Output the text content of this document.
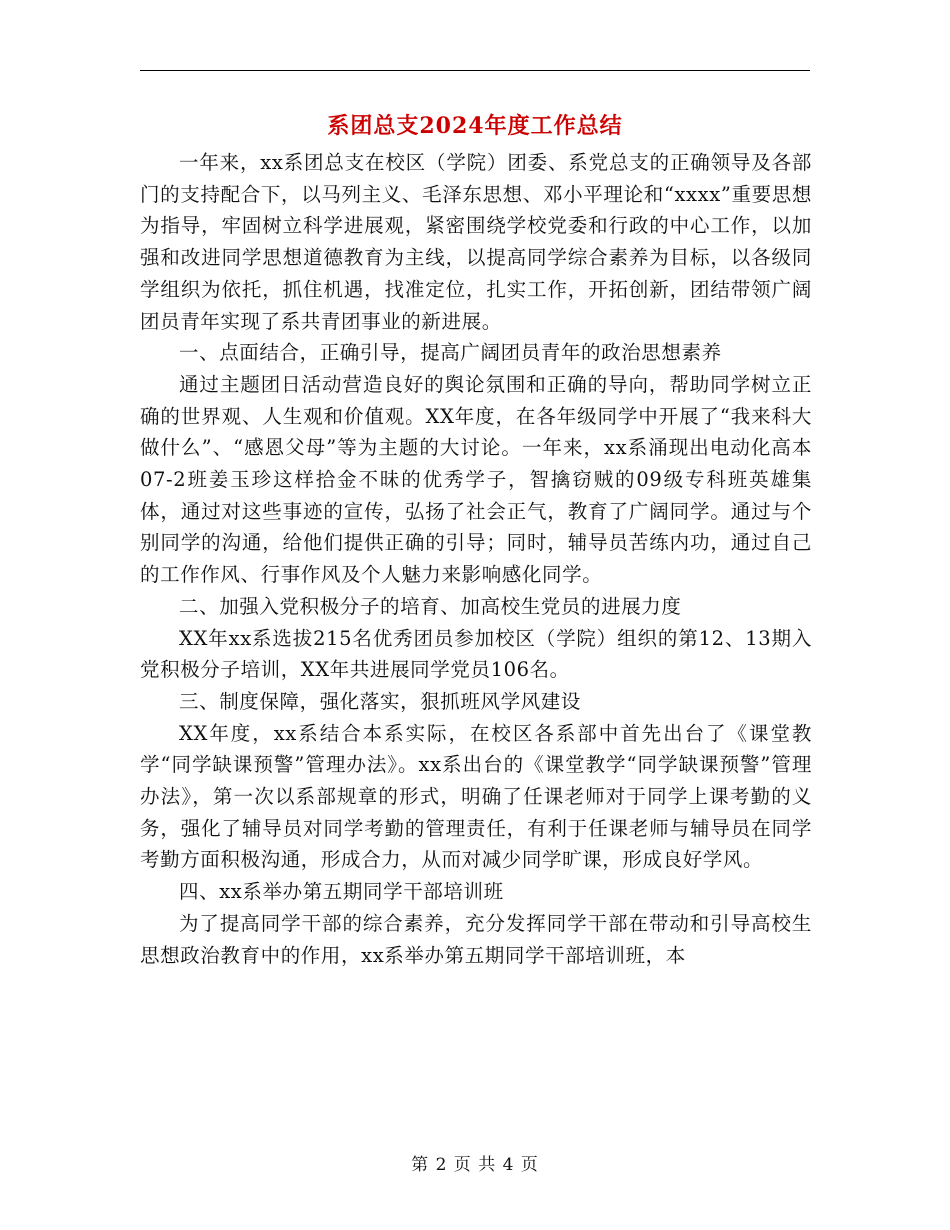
系团总支2024年度工作总结

一年来，xx系团总支在校区（学院）团委、系党总支的正确领导及各部门的支持配合下，以马列主义、毛泽东思想、邓小平理论和“xxxx”重要思想为指导，牢固树立科学进展观，紧密围绕学校党委和行政的中心工作，以加强和改进同学思想道德教育为主线，以提高同学综合素养为目标，以各级同学组织为依托，抓住机遇，找准定位，扎实工作，开拓创新，团结带领广阔团员青年实现了系共青团事业的新进展。

一、点面结合，正确引导，提高广阔团员青年的政治思想素养

通过主题团日活动营造良好的舆论氛围和正确的导向，帮助同学树立正确的世界观、人生观和价值观。XX年度，在各年级同学中开展了“我来科大做什么”、“感恩父母”等为主题的大讨论。一年来，xx系涌现出电动化高本07-2班姜玉珍这样拾金不昧的优秀学子，智擒窃贼的09级专科班英雄集体，通过对这些事迹的宣传，弘扬了社会正气，教育了广阔同学。通过与个别同学的沟通，给他们提供正确的引导；同时，辅导员苦练内功，通过自己的工作作风、行事作风及个人魅力来影响感化同学。

二、加强入党积极分子的培育、加高校生党员的进展力度

XX年xx系选拔215名优秀团员参加校区（学院）组织的第12、13期入党积极分子培训，XX年共进展同学党员106名。

三、制度保障，强化落实，狠抓班风学风建设

XX年度，xx系结合本系实际，在校区各系部中首先出台了《课堂教学“同学缺课预警”管理办法》。xx系出台的《课堂教学“同学缺课预警”管理办法》，第一次以系部规章的形式，明确了任课老师对于同学上课考勤的义务，强化了辅导员对同学考勤的管理责任，有利于任课老师与辅导员在同学考勤方面积极沟通，形成合力，从而对减少同学旷课，形成良好学风。

四、xx系举办第五期同学干部培训班

为了提高同学干部的综合素养，充分发挥同学干部在带动和引导高校生思想政治教育中的作用，xx系举办第五期同学干部培训班，本

第 2 页 共 4 页
